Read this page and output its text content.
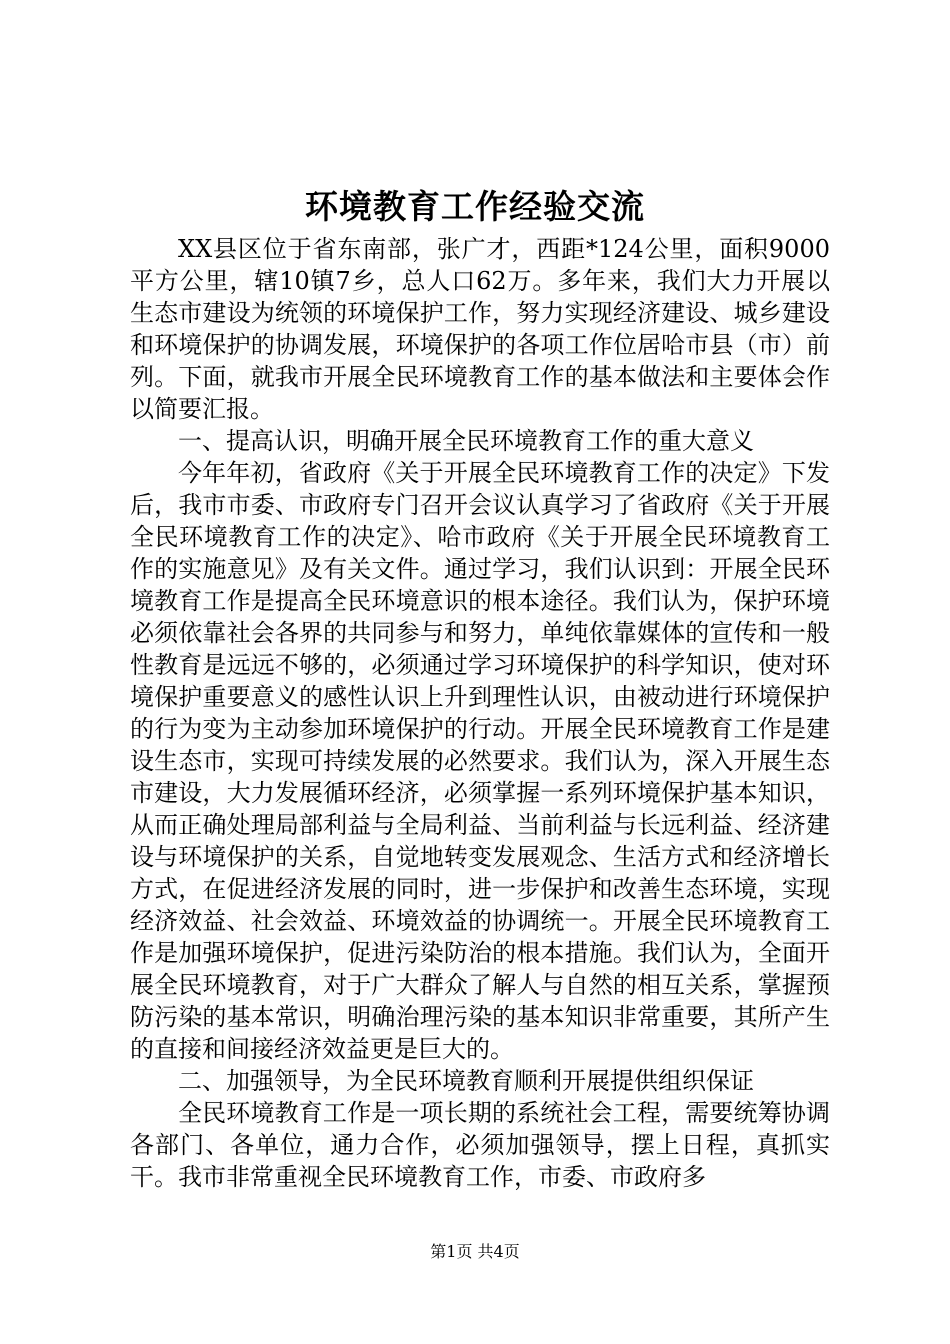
环境教育工作经验交流

XX县区位于省东南部，张广才，西距*124公里，面积9000平方公里，辖10镇7乡，总人口62万。多年来，我们大力开展以生态市建设为统领的环境保护工作，努力实现经济建设、城乡建设和环境保护的协调发展，环境保护的各项工作位居哈市县（市）前列。下面，就我市开展全民环境教育工作的基本做法和主要体会作以简要汇报。

一、提高认识，明确开展全民环境教育工作的重大意义

今年年初，省政府《关于开展全民环境教育工作的决定》下发后，我市市委、市政府专门召开会议认真学习了省政府《关于开展全民环境教育工作的决定》、哈市政府《关于开展全民环境教育工作的实施意见》及有关文件。通过学习，我们认识到：开展全民环境教育工作是提高全民环境意识的根本途径。我们认为，保护环境必须依靠社会各界的共同参与和努力，单纯依靠媒体的宣传和一般性教育是远远不够的，必须通过学习环境保护的科学知识，使对环境保护重要意义的感性认识上升到理性认识，由被动进行环境保护的行为变为主动参加环境保护的行动。开展全民环境教育工作是建设生态市，实现可持续发展的必然要求。我们认为，深入开展生态市建设，大力发展循环经济，必须掌握一系列环境保护基本知识，从而正确处理局部利益与全局利益、当前利益与长远利益、经济建设与环境保护的关系，自觉地转变发展观念、生活方式和经济增长方式，在促进经济发展的同时，进一步保护和改善生态环境，实现经济效益、社会效益、环境效益的协调统一。开展全民环境教育工作是加强环境保护，促进污染防治的根本措施。我们认为，全面开展全民环境教育，对于广大群众了解人与自然的相互关系，掌握预防污染的基本常识，明确治理污染的基本知识非常重要，其所产生的直接和间接经济效益更是巨大的。

二、加强领导，为全民环境教育顺利开展提供组织保证

全民环境教育工作是一项长期的系统社会工程，需要统筹协调各部门、各单位，通力合作，必须加强领导，摆上日程，真抓实干。我市非常重视全民环境教育工作，市委、市政府多

第1页 共4页
